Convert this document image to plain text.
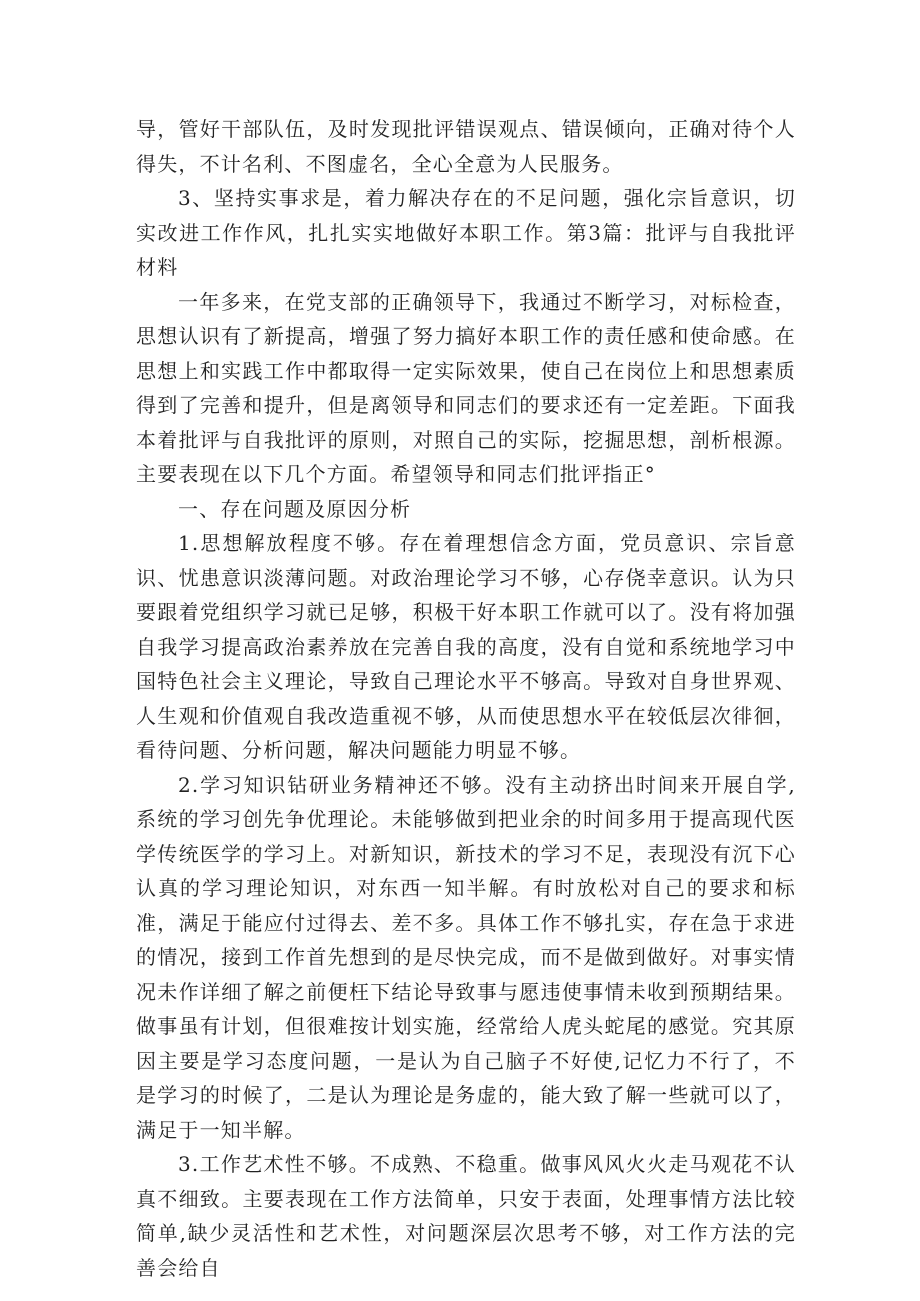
导，管好干部队伍，及时发现批评错误观点、错误倾向，正确对待个人得失，不计名利、不图虚名，全心全意为人民服务。

3、坚持实事求是，着力解决存在的不足问题，强化宗旨意识，切实改进工作作风，扎扎实实地做好本职工作。第3篇：批评与自我批评材料

一年多来，在党支部的正确领导下，我通过不断学习，对标检查，思想认识有了新提高，增强了努力搞好本职工作的责任感和使命感。在思想上和实践工作中都取得一定实际效果，使自己在岗位上和思想素质得到了完善和提升，但是离领导和同志们的要求还有一定差距。下面我本着批评与自我批评的原则，对照自己的实际，挖掘思想，剖析根源。主要表现在以下几个方面。希望领导和同志们批评指正°

一、存在问题及原因分析

1.思想解放程度不够。存在着理想信念方面，党员意识、宗旨意识、忧患意识淡薄问题。对政治理论学习不够，心存侥幸意识。认为只要跟着党组织学习就已足够，积极干好本职工作就可以了。没有将加强自我学习提高政治素养放在完善自我的高度，没有自觉和系统地学习中国特色社会主义理论，导致自己理论水平不够高。导致对自身世界观、人生观和价值观自我改造重视不够，从而使思想水平在较低层次徘徊，看待问题、分析问题，解决问题能力明显不够。

2.学习知识钻研业务精神还不够。没有主动挤出时间来开展自学,系统的学习创先争优理论。未能够做到把业余的时间多用于提高现代医学传统医学的学习上。对新知识，新技术的学习不足，表现没有沉下心认真的学习理论知识，对东西一知半解。有时放松对自己的要求和标准，满足于能应付过得去、差不多。具体工作不够扎实，存在急于求进的情况，接到工作首先想到的是尽快完成，而不是做到做好。对事实情况未作详细了解之前便枉下结论导致事与愿违使事情未收到预期结果。做事虽有计划，但很难按计划实施，经常给人虎头蛇尾的感觉。究其原因主要是学习态度问题，一是认为自己脑子不好使,记忆力不行了，不是学习的时候了，二是认为理论是务虚的，能大致了解一些就可以了，满足于一知半解。

3.工作艺术性不够。不成熟、不稳重。做事风风火火走马观花不认真不细致。主要表现在工作方法简单，只安于表面，处理事情方法比较简单,缺少灵活性和艺术性，对问题深层次思考不够，对工作方法的完善会给自
